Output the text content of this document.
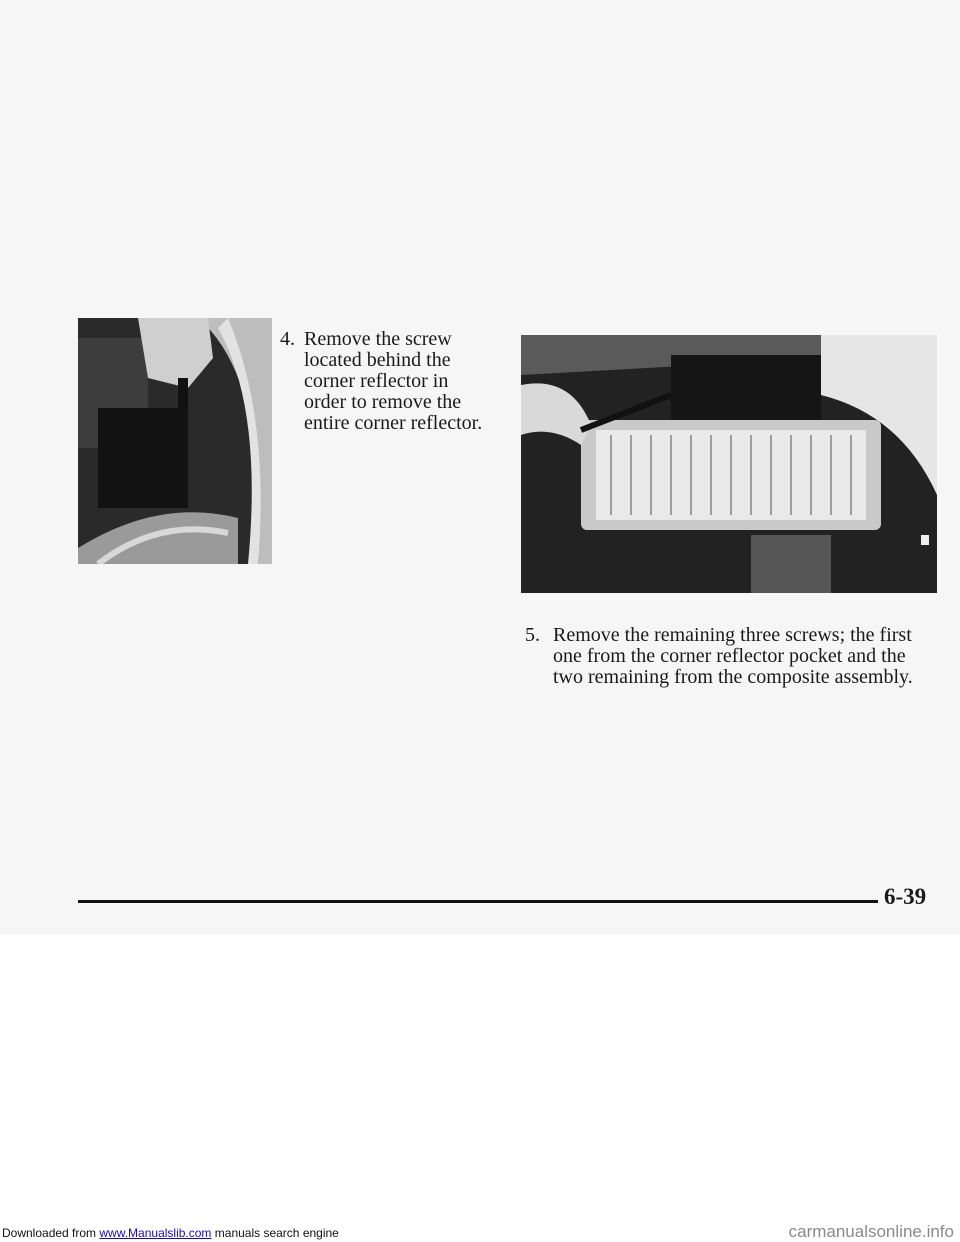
4. Remove the screw located behind the corner reflector in order to remove the entire corner reflector.
5. Remove the remaining three screws; the first one from the corner reflector pocket and the two remaining from the composite assembly.
6-39
Downloaded from www.Manualslib.com manuals search engine	carmanualsonline.info
